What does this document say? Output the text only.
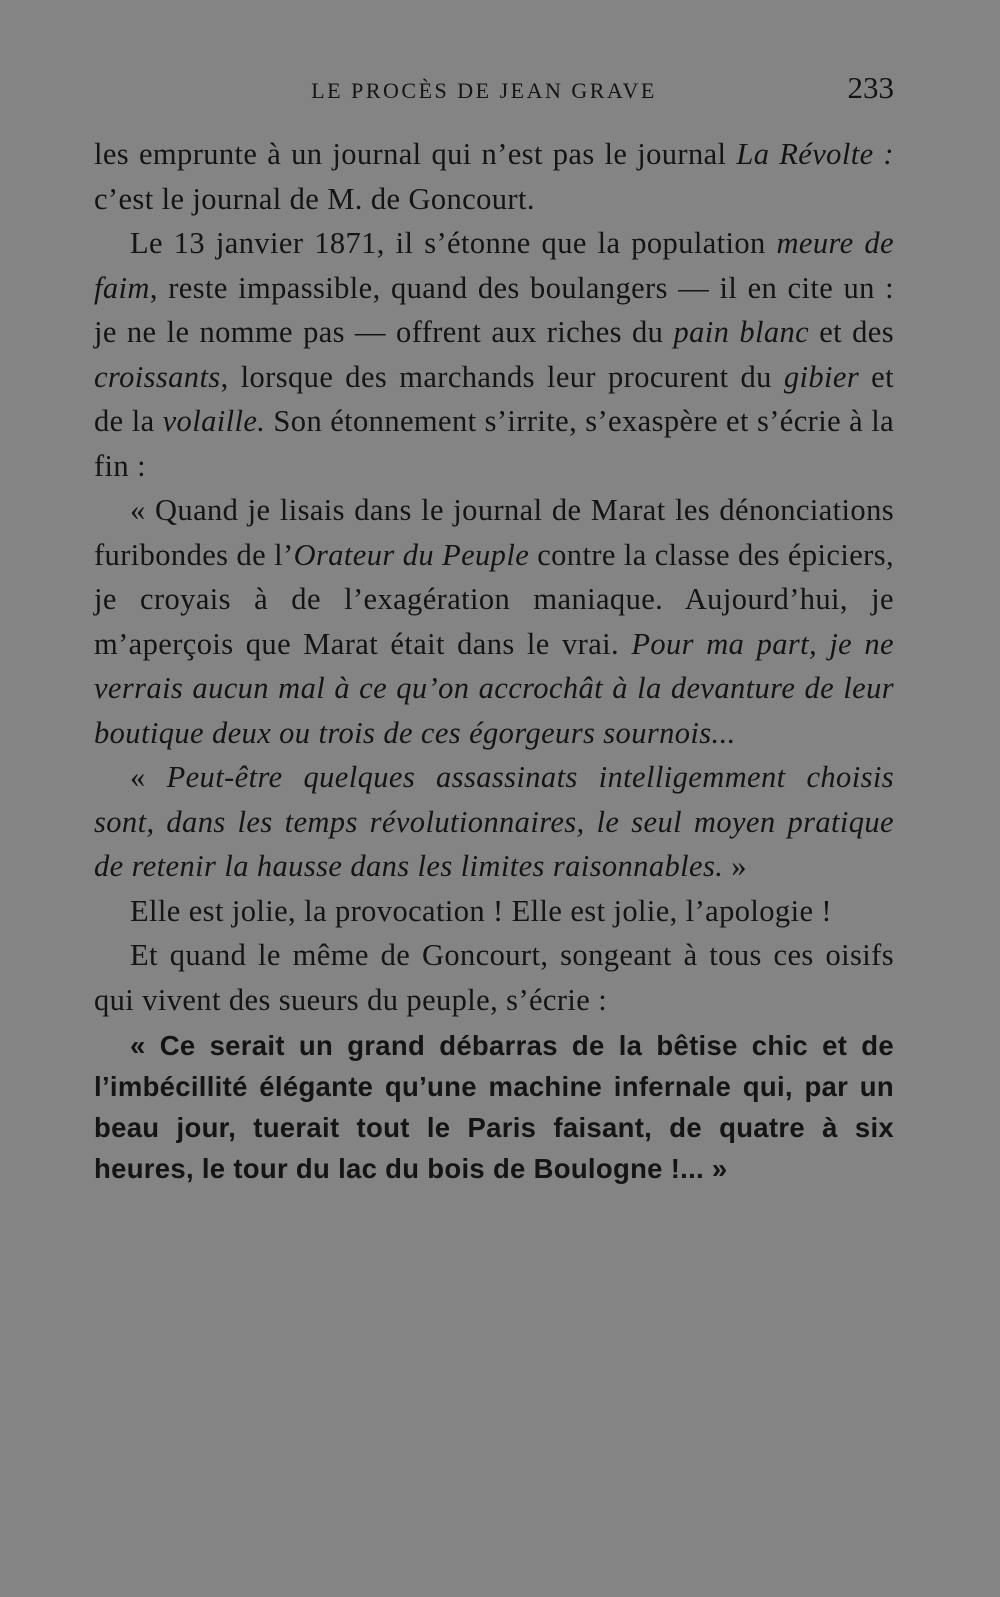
LE PROCÈS DE JEAN GRAVE	233

les emprunte à un journal qui n’est pas le journal La Révolte : c’est le journal de M. de Goncourt.

Le 13 janvier 1871, il s’étonne que la population meure de faim, reste impassible, quand des boulangers — il en cite un : je ne le nomme pas — offrent aux riches du pain blanc et des croissants, lorsque des marchands leur procurent du gibier et de la volaille. Son étonnement s’irrite, s’exaspère et s’écrie à la fin :

« Quand je lisais dans le journal de Marat les dénonciations furibondes de l’Orateur du Peuple contre la classe des épiciers, je croyais à de l’exagération maniaque. Aujourd’hui, je m’aperçois que Marat était dans le vrai. Pour ma part, je ne verrais aucun mal à ce qu’on accrochât à la devanture de leur boutique deux ou trois de ces égorgeurs sournois...

« Peut-être quelques assassinats intelligemment choisis sont, dans les temps révolutionnaires, le seul moyen pratique de retenir la hausse dans les limites raisonnables. »

Elle est jolie, la provocation ! Elle est jolie, l’apologie !

Et quand le même de Goncourt, songeant à tous ces oisifs qui vivent des sueurs du peuple, s’écrie :

« Ce serait un grand débarras de la bêtise chic et de l’imbécillité élégante qu’une machine infernale qui, par un beau jour, tuerait tout le Paris faisant, de quatre à six heures, le tour du lac du bois de Boulogne !... »
